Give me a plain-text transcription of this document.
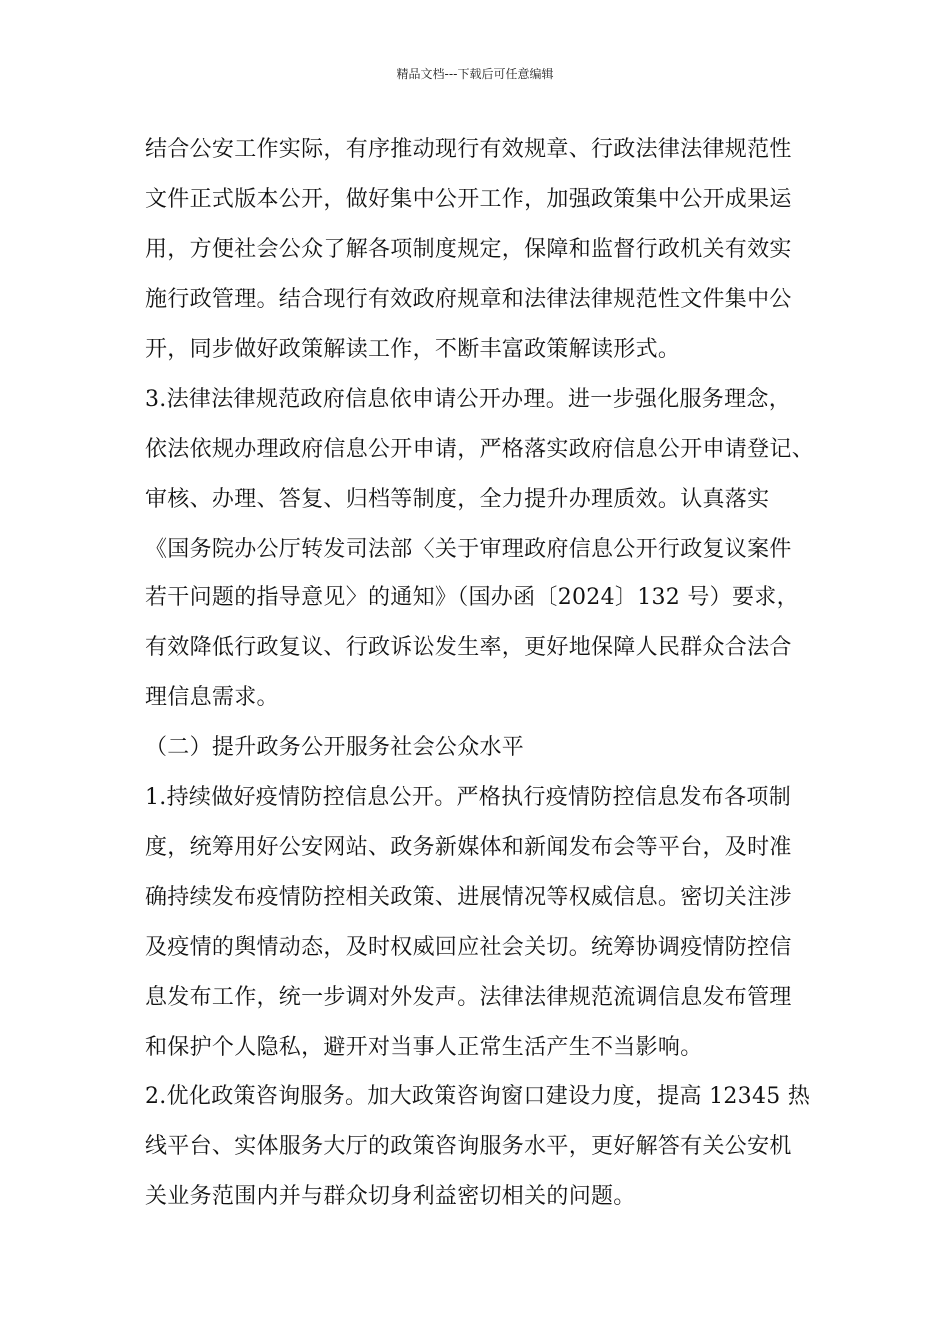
精品文档---下载后可任意编辑
结合公安工作实际，有序推动现行有效规章、行政法律法律规范性
文件正式版本公开，做好集中公开工作，加强政策集中公开成果运
用，方便社会公众了解各项制度规定，保障和监督行政机关有效实
施行政管理。结合现行有效政府规章和法律法律规范性文件集中公
开，同步做好政策解读工作，不断丰富政策解读形式。
3.法律法律规范政府信息依申请公开办理。进一步强化服务理念，
依法依规办理政府信息公开申请，严格落实政府信息公开申请登记、
审核、办理、答复、归档等制度，全力提升办理质效。认真落实
《国务院办公厅转发司法部〈关于审理政府信息公开行政复议案件
若干问题的指导意见〉的通知》（国办函〔2024〕132 号）要求，
有效降低行政复议、行政诉讼发生率，更好地保障人民群众合法合
理信息需求。
（二）提升政务公开服务社会公众水平
1.持续做好疫情防控信息公开。严格执行疫情防控信息发布各项制
度，统筹用好公安网站、政务新媒体和新闻发布会等平台，及时准
确持续发布疫情防控相关政策、进展情况等权威信息。密切关注涉
及疫情的舆情动态，及时权威回应社会关切。统筹协调疫情防控信
息发布工作，统一步调对外发声。法律法律规范流调信息发布管理
和保护个人隐私，避开对当事人正常生活产生不当影响。
2.优化政策咨询服务。加大政策咨询窗口建设力度，提高 12345 热
线平台、实体服务大厅的政策咨询服务水平，更好解答有关公安机
关业务范围内并与群众切身利益密切相关的问题。
